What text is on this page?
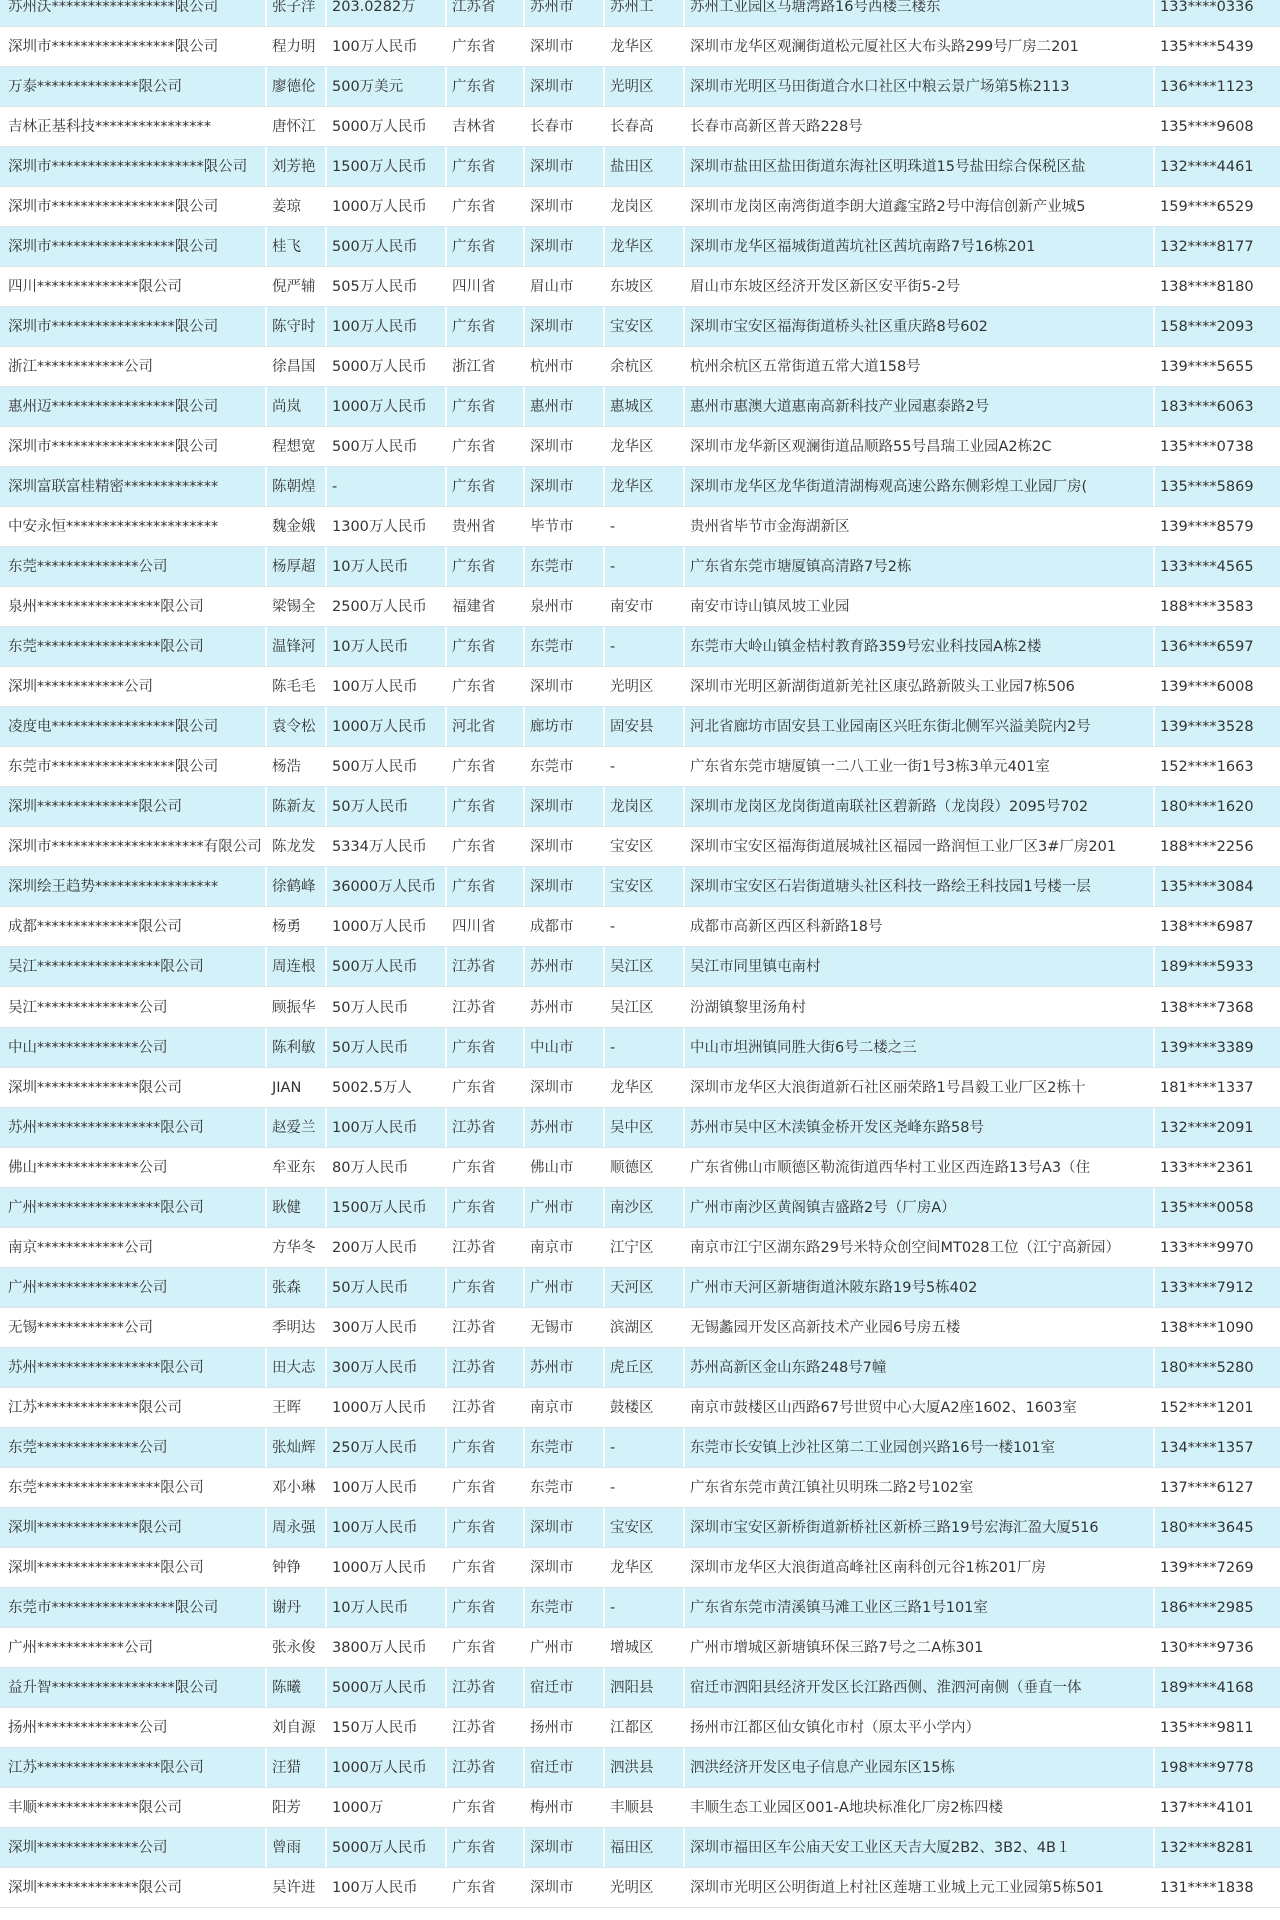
苏州沃*****************限公司	张子洋	203.0282万	江苏省	苏州市	苏州工	苏州工业园区马塘湾路16号西楼三楼东	133****0336
深圳市*****************限公司	程力明	100万人民币	广东省	深圳市	龙华区	深圳市龙华区观澜街道松元厦社区大布头路299号厂房二201	135****5439
万泰**************限公司	廖德伦	500万美元	广东省	深圳市	光明区	深圳市光明区马田街道合水口社区中粮云景广场第5栋2113	136****1123
吉林正基科技****************	唐怀江	5000万人民币	吉林省	长春市	长春高	长春市高新区普天路228号	135****9608
深圳市*********************限公司	刘芳艳	1500万人民币	广东省	深圳市	盐田区	深圳市盐田区盐田街道东海社区明珠道15号盐田综合保税区盐	132****4461
深圳市*****************限公司	姜琼	1000万人民币	广东省	深圳市	龙岗区	深圳市龙岗区南湾街道李朗大道鑫宝路2号中海信创新产业城5	159****6529
深圳市*****************限公司	桂飞	500万人民币	广东省	深圳市	龙华区	深圳市龙华区福城街道茜坑社区茜坑南路7号16栋201	132****8177
四川**************限公司	倪严辅	505万人民币	四川省	眉山市	东坡区	眉山市东坡区经济开发区新区安平街5-2号	138****8180
深圳市*****************限公司	陈守时	100万人民币	广东省	深圳市	宝安区	深圳市宝安区福海街道桥头社区重庆路8号602	158****2093
浙江************公司	徐昌国	5000万人民币	浙江省	杭州市	余杭区	杭州余杭区五常街道五常大道158号	139****5655
惠州迈*****************限公司	尚岚	1000万人民币	广东省	惠州市	惠城区	惠州市惠澳大道惠南高新科技产业园惠泰路2号	183****6063
深圳市*****************限公司	程想宽	500万人民币	广东省	深圳市	龙华区	深圳市龙华新区观澜街道品顺路55号昌瑞工业园A2栋2C	135****0738
深圳富联富桂精密*************	陈朝煌	-	广东省	深圳市	龙华区	深圳市龙华区龙华街道清湖梅观高速公路东侧彩煌工业园厂房(	135****5869
中安永恒*********************	魏金娥	1300万人民币	贵州省	毕节市	-	贵州省毕节市金海湖新区	139****8579
东莞**************公司	杨厚超	10万人民币	广东省	东莞市	-	广东省东莞市塘厦镇高清路7号2栋	133****4565
泉州*****************限公司	梁锡全	2500万人民币	福建省	泉州市	南安市	南安市诗山镇凤坡工业园	188****3583
东莞*****************限公司	温锋河	10万人民币	广东省	东莞市	-	东莞市大岭山镇金桔村教育路359号宏业科技园A栋2楼	136****6597
深圳************公司	陈毛毛	100万人民币	广东省	深圳市	光明区	深圳市光明区新湖街道新羌社区康弘路新陂头工业园7栋506	139****6008
凌度电*****************限公司	袁令松	1000万人民币	河北省	廊坊市	固安县	河北省廊坊市固安县工业园南区兴旺东街北侧军兴溢美院内2号	139****3528
东莞市*****************限公司	杨浩	500万人民币	广东省	东莞市	-	广东省东莞市塘厦镇一二八工业一街1号3栋3单元401室	152****1663
深圳**************限公司	陈新友	50万人民币	广东省	深圳市	龙岗区	深圳市龙岗区龙岗街道南联社区碧新路（龙岗段）2095号702	180****1620
深圳市*********************有限公司 陈龙发	5334万人民币	广东省	深圳市	宝安区	深圳市宝安区福海街道展城社区福园一路润恒工业厂区3#厂房201	188****2256
深圳绘王趋势*****************	徐鹤峰	36000万人民币	广东省	深圳市	宝安区	深圳市宝安区石岩街道塘头社区科技一路绘王科技园1号楼一层	135****3084
成都**************限公司	杨勇	1000万人民币	四川省	成都市	-	成都市高新区西区科新路18号	138****6987
吴江*****************限公司	周连根	500万人民币	江苏省	苏州市	吴江区	吴江市同里镇屯南村	189****5933
吴江**************公司	顾振华	50万人民币	江苏省	苏州市	吴江区	汾湖镇黎里汤角村	138****7368
中山**************公司	陈利敏	50万人民币	广东省	中山市	-	中山市坦洲镇同胜大街6号二楼之三	139****3389
深圳**************限公司	JIAN	5002.5万人	广东省	深圳市	龙华区	深圳市龙华区大浪街道新石社区丽荣路1号昌毅工业厂区2栋十	181****1337
苏州*****************限公司	赵爱兰	100万人民币	江苏省	苏州市	吴中区	苏州市吴中区木渎镇金桥开发区尧峰东路58号	132****2091
佛山**************公司	牟亚东	80万人民币	广东省	佛山市	顺德区	广东省佛山市顺德区勒流街道西华村工业区西连路13号A3（住	133****2361
广州*****************限公司	耿健	1500万人民币	广东省	广州市	南沙区	广州市南沙区黄阁镇吉盛路2号（厂房A）	135****0058
南京************公司	方华冬	200万人民币	江苏省	南京市	江宁区	南京市江宁区湖东路29号米特众创空间MT028工位（江宁高新园）	133****9970
广州**************公司	张森	50万人民币	广东省	广州市	天河区	广州市天河区新塘街道沐陂东路19号5栋402	133****7912
无锡************公司	季明达	300万人民币	江苏省	无锡市	滨湖区	无锡蠡园开发区高新技术产业园6号房五楼	138****1090
苏州*****************限公司	田大志	300万人民币	江苏省	苏州市	虎丘区	苏州高新区金山东路248号7幢	180****5280
江苏**************限公司	王晖	1000万人民币	江苏省	南京市	鼓楼区	南京市鼓楼区山西路67号世贸中心大厦A2座1602、1603室	152****1201
东莞**************公司	张灿辉	250万人民币	广东省	东莞市	-	东莞市长安镇上沙社区第二工业园创兴路16号一楼101室	134****1357
东莞*****************限公司	邓小琳	100万人民币	广东省	东莞市	-	广东省东莞市黄江镇社贝明珠二路2号102室	137****6127
深圳**************限公司	周永强	100万人民币	广东省	深圳市	宝安区	深圳市宝安区新桥街道新桥社区新桥三路19号宏海汇盈大厦516	180****3645
深圳*****************限公司	钟铮	1000万人民币	广东省	深圳市	龙华区	深圳市龙华区大浪街道高峰社区南科创元谷1栋201厂房	139****7269
东莞市*****************限公司	谢丹	10万人民币	广东省	东莞市	-	广东省东莞市清溪镇马滩工业区三路1号101室	186****2985
广州************公司	张永俊	3800万人民币	广东省	广州市	增城区	广州市增城区新塘镇环保三路7号之二A栋301	130****9736
益升智*****************限公司	陈曦	5000万人民币	江苏省	宿迁市	泗阳县	宿迁市泗阳县经济开发区长江路西侧、淮泗河南侧（垂直一体	189****4168
扬州**************公司	刘自源	150万人民币	江苏省	扬州市	江都区	扬州市江都区仙女镇化市村（原太平小学内）	135****9811
江苏*****************限公司	汪猎	1000万人民币	江苏省	宿迁市	泗洪县	泗洪经济开发区电子信息产业园东区15栋	198****9778
丰顺**************限公司	阳芳	1000万	广东省	梅州市	丰顺县	丰顺生态工业园区001-A地块标准化厂房2栋四楼	137****4101
深圳**************公司	曾雨	5000万人民币	广东省	深圳市	福田区	深圳市福田区车公庙天安工业区天吉大厦2B2、3B2、4B１	132****8281
深圳**************限公司	吴许进	100万人民币	广东省	深圳市	光明区	深圳市光明区公明街道上村社区莲塘工业城上元工业园第5栋501	131****1838
